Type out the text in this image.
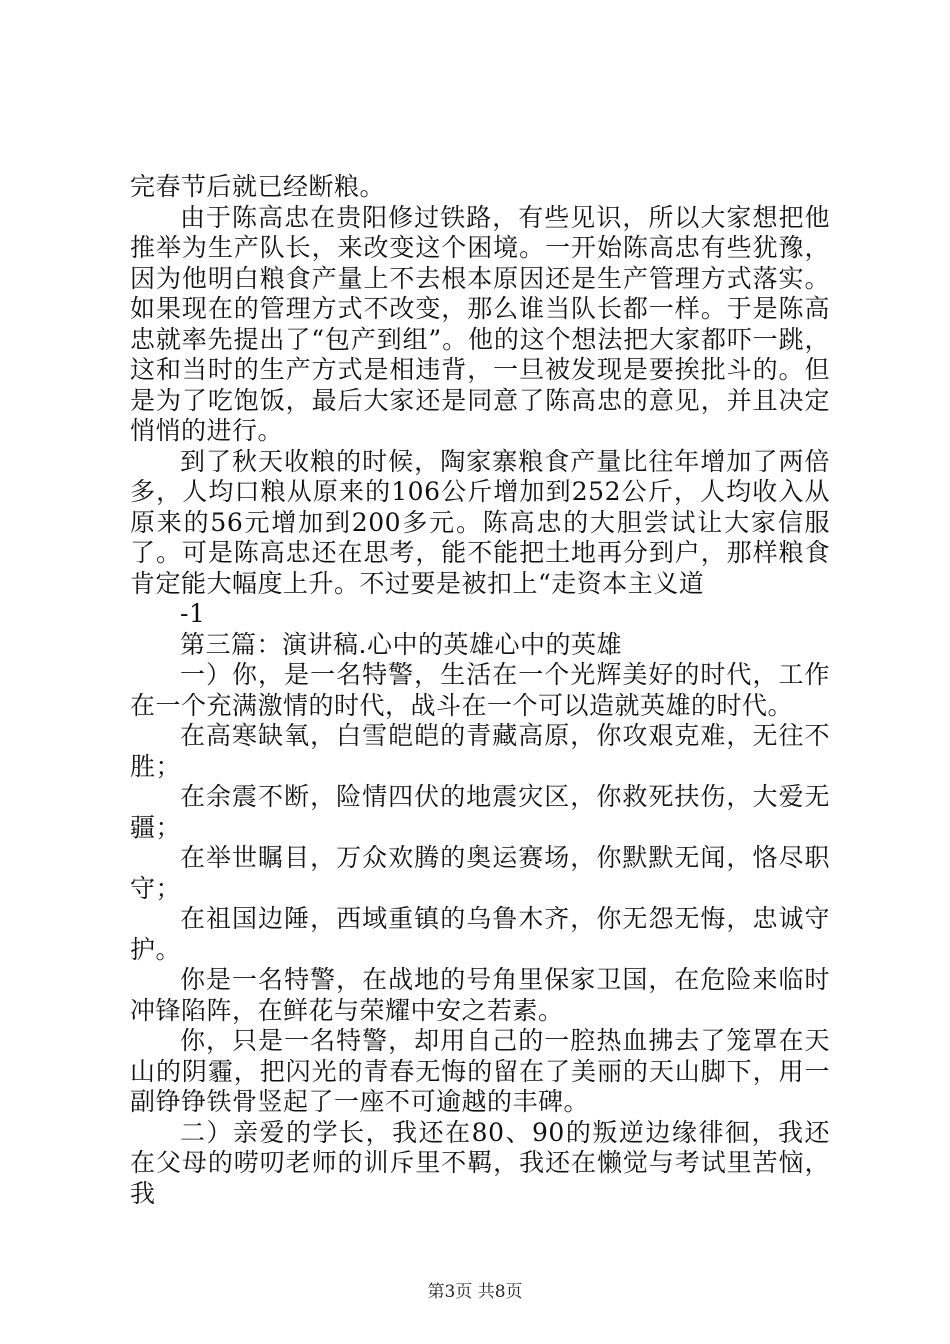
完春节后就已经断粮。

由于陈高忠在贵阳修过铁路，有些见识，所以大家想把他推举为生产队长，来改变这个困境。一开始陈高忠有些犹豫，因为他明白粮食产量上不去根本原因还是生产管理方式落实。如果现在的管理方式不改变，那么谁当队长都一样。于是陈高忠就率先提出了“包产到组”。他的这个想法把大家都吓一跳，这和当时的生产方式是相违背，一旦被发现是要挨批斗的。但是为了吃饱饭，最后大家还是同意了陈高忠的意见，并且决定悄悄的进行。

到了秋天收粮的时候，陶家寨粮食产量比往年增加了两倍多，人均口粮从原来的106公斤增加到252公斤，人均收入从原来的56元增加到200多元。陈高忠的大胆尝试让大家信服了。可是陈高忠还在思考，能不能把土地再分到户，那样粮食肯定能大幅度上升。不过要是被扣上“走资本主义道

-1

第三篇：演讲稿.心中的英雄心中的英雄

一）你，是一名特警，生活在一个光辉美好的时代，工作在一个充满激情的时代，战斗在一个可以造就英雄的时代。

在高寒缺氧，白雪皑皑的青藏高原，你攻艰克难，无往不胜；

在余震不断，险情四伏的地震灾区，你救死扶伤，大爱无疆；

在举世瞩目，万众欢腾的奥运赛场，你默默无闻，恪尽职守；

在祖国边陲，西域重镇的乌鲁木齐，你无怨无悔，忠诚守护。

你是一名特警，在战地的号角里保家卫国，在危险来临时冲锋陷阵，在鲜花与荣耀中安之若素。

你，只是一名特警，却用自己的一腔热血拂去了笼罩在天山的阴霾，把闪光的青春无悔的留在了美丽的天山脚下，用一副铮铮铁骨竖起了一座不可逾越的丰碑。

二）亲爱的学长，我还在80、90的叛逆边缘徘徊，我还在父母的唠叨老师的训斥里不羁，我还在懒觉与考试里苦恼，我

第3页 共8页
